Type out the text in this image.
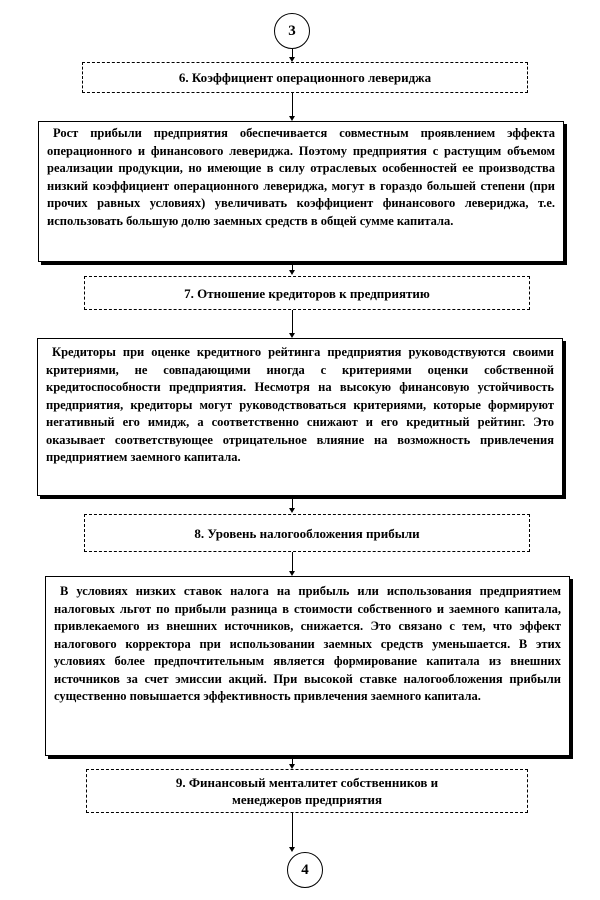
3
6. Коэффициент операционного левериджа
Рост прибыли предприятия обеспечивается совместным проявлением эффекта операционного и финансового левериджа. Поэтому предприятия с растущим объемом реализации продукции, но имеющие в силу отраслевых особенностей ее производства низкий коэффициент операционного левериджа, могут в гораздо большей степени (при прочих равных условиях) увеличивать коэффициент финансового левериджа, т.е. использовать большую долю заемных средств в общей сумме капитала.
7. Отношение кредиторов к предприятию
Кредиторы при оценке кредитного рейтинга предприятия руководствуются своими критериями, не совпадающими иногда с критериями оценки собственной кредитоспособности предприятия. Несмотря на высокую финансовую устойчивость предприятия, кредиторы могут руководствоваться критериями, которые формируют негативный его имидж, а соответственно снижают и его кредитный рейтинг. Это оказывает соответствующее отрицательное влияние на возможность привлечения предприятием заемного капитала.
8. Уровень налогообложения прибыли
В условиях низких ставок налога на прибыль или использования предприятием налоговых льгот по прибыли разница в стоимости собственного и заемного капитала, привлекаемого из внешних источников, снижается. Это связано с тем, что эффект налогового корректора при использовании заемных средств уменьшается. В этих условиях более предпочтительным является формирование капитала из внешних источников за счет эмиссии акций. При высокой ставке налогообложения прибыли существенно повышается эффективность привлечения заемного капитала.
9. Финансовый менталитет собственников и менеджеров предприятия
4
